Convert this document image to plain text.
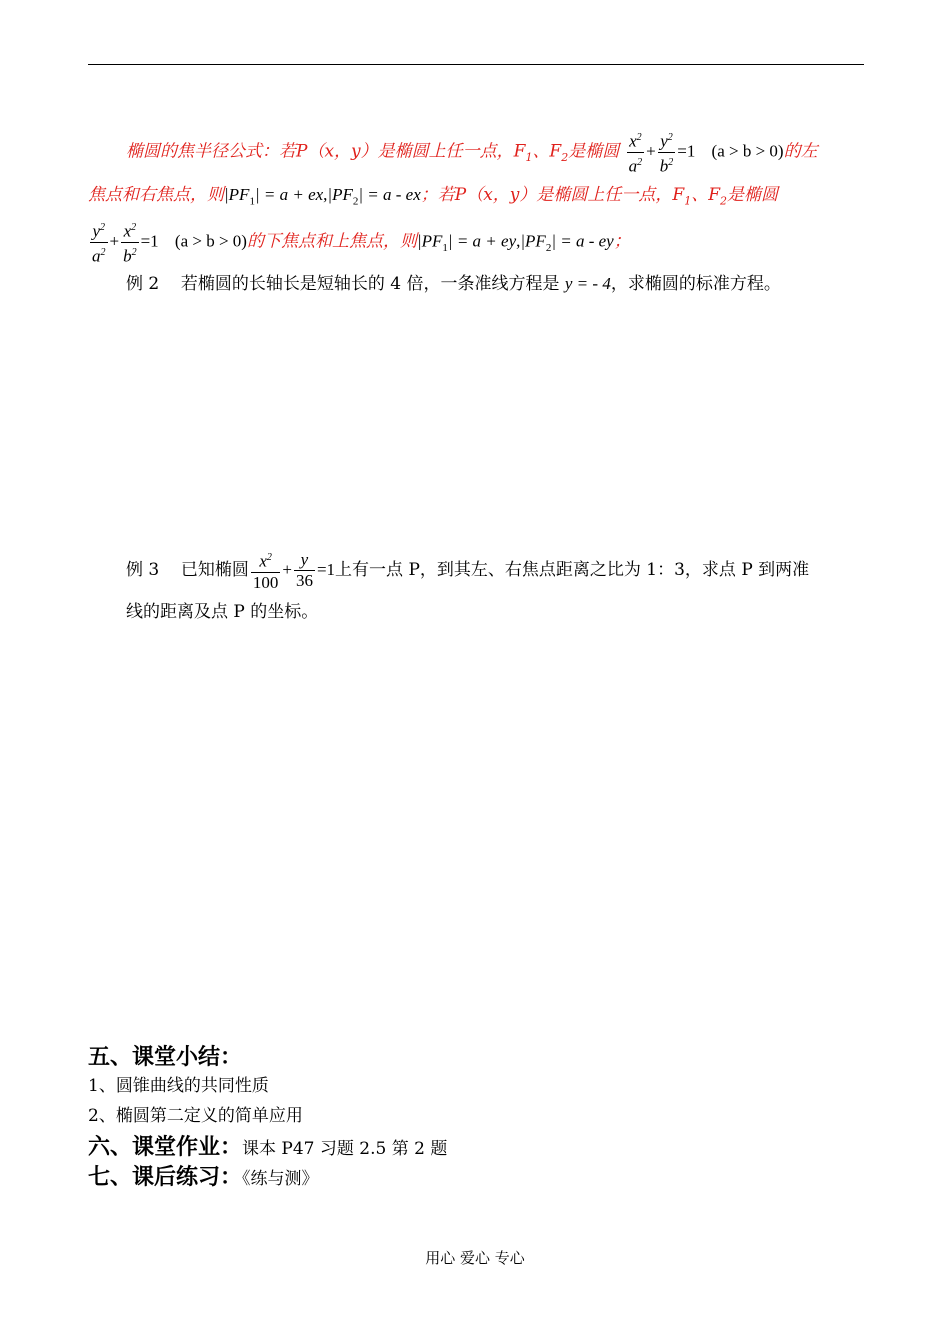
椭圆的焦半径公式：若P（x，y）是椭圆上任一点，$F_1$、$F_2$是椭圆 $\frac{x^2}{a^2} + \frac{y^2}{b^2} =1$ (a > b > 0)的左
焦点和右焦点，则$|PF_1| = a + ex,|PF_2| = a$ - ex；若P（x，y）是椭圆上任一点，$F_1$、$F_2$是椭圆
$\frac{y^2}{a^2} + \frac{x^2}{b^2} =1$ (a > b > 0)的下焦点和上焦点，则$|PF_1| = a + ey,|PF_2| = a$ - ey；
例 2 若椭圆的长轴长是短轴长的 4 倍，一条准线方程是 y = - 4，求椭圆的标准方程。
例 3 已知椭圆 $\frac{x^2}{100} + \frac{y}{36} =1$上有一点 P，到其左、右焦点距离之比为 1：3，求点 P 到两准
线的距离及点 P 的坐标。
五、课堂小结：
1、圆锥曲线的共同性质
2、椭圆第二定义的简单应用
六、课堂作业：课本 P47 习题 2.5 第 2 题
七、课后练习：《练与测》
用心 爱心 专心
